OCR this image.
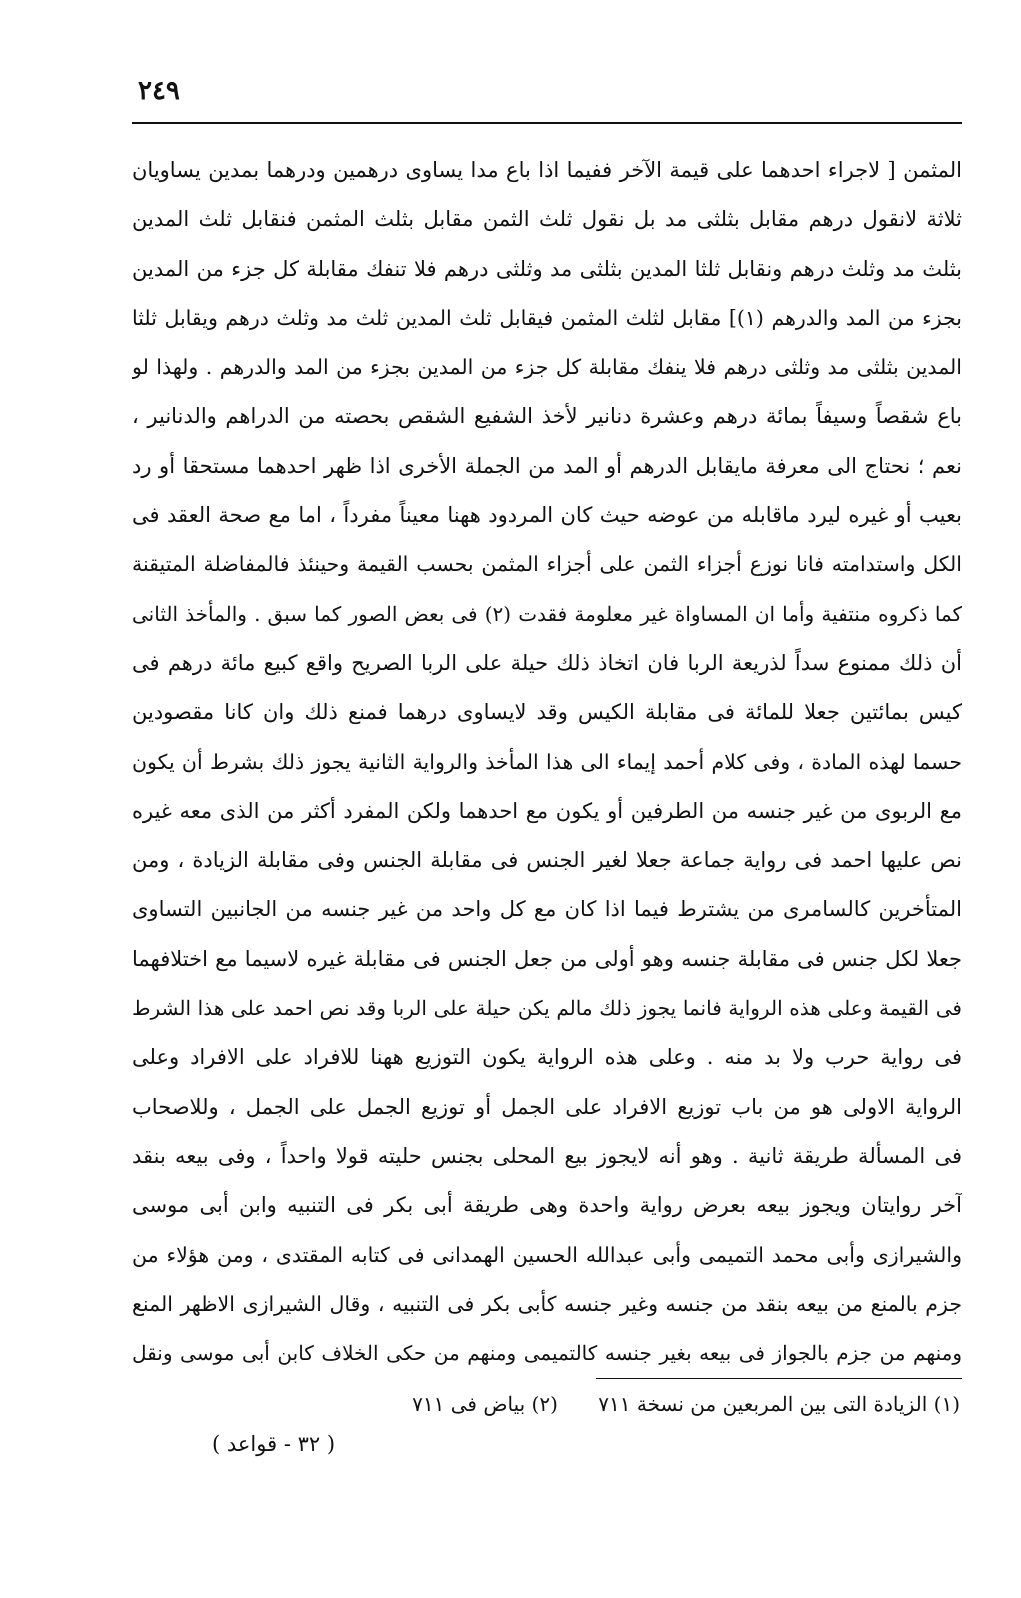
٢٤٩
المثمن [ لاجراء احدهما على قيمة الآخر ففيما اذا باع مدا يساوى درهمين ودرهما بمدين يساويان
ثلاثة لانقول درهم مقابل بثلثى مد بل نقول ثلث الثمن مقابل بثلث المثمن فنقابل ثلث المدين
بثلث مد وثلث درهم ونقابل ثلثا المدين بثلثى مد وثلثى درهم فلا تنفك مقابلة كل جزء من المدين
بجزء من المد والدرهم (١)] مقابل لثلث المثمن فيقابل ثلث المدين ثلث مد وثلث درهم ويقابل ثلثا
المدين بثلثى مد وثلثى درهم فلا ينفك مقابلة كل جزء من المدين بجزء من المد والدرهم . ولهذا لو
باع شقصاً وسيفاً بمائة درهم وعشرة دنانير لأخذ الشفيع الشقص بحصته من الدراهم والدنانير ،
نعم ؛ نحتاج الى معرفة مايقابل الدرهم أو المد من الجملة الأخرى اذا ظهر احدهما مستحقا أو رد
بعيب أو غيره ليرد ماقابله من عوضه حيث كان المردود ههنا معيناً مفرداً ، اما مع صحة العقد فى
الكل واستدامته فانا نوزع أجزاء الثمن على أجزاء المثمن بحسب القيمة وحينئذ فالمفاضلة المتيقنة
كما ذكروه منتفية وأما ان المساواة غير معلومة فقدت (٢) فى بعض الصور كما سبق . والمأخذ الثانى
أن ذلك ممنوع سداً لذريعة الربا فان اتخاذ ذلك حيلة على الربا الصريح واقع كبيع مائة درهم فى
كيس بمائتين جعلا للمائة فى مقابلة الكيس وقد لايساوى درهما فمنع ذلك وان كانا مقصودين
حسما لهذه المادة ، وفى كلام أحمد إيماء الى هذا المأخذ والرواية الثانية يجوز ذلك بشرط أن يكون
مع الربوى من غير جنسه من الطرفين أو يكون مع احدهما ولكن المفرد أكثر من الذى معه غيره
نص عليها احمد فى رواية جماعة جعلا لغير الجنس فى مقابلة الجنس وفى مقابلة الزيادة ، ومن
المتأخرين كالسامرى من يشترط فيما اذا كان مع كل واحد من غير جنسه من الجانبين التساوى
جعلا لكل جنس فى مقابلة جنسه وهو أولى من جعل الجنس فى مقابلة غيره لاسيما مع اختلافهما
فى القيمة وعلى هذه الرواية فانما يجوز ذلك مالم يكن حيلة على الربا وقد نص احمد على هذا الشرط
فى رواية حرب ولا بد منه . وعلى هذه الرواية يكون التوزيع ههنا للافراد على الافراد وعلى
الرواية الاولى هو من باب توزيع الافراد على الجمل أو توزيع الجمل على الجمل ، وللاصحاب
فى المسألة طريقة ثانية . وهو أنه لايجوز بيع المحلى بجنس حليته قولا واحداً ، وفى بيعه بنقد
آخر روايتان ويجوز بيعه بعرض رواية واحدة وهى طريقة أبى بكر فى التنبيه وابن أبى موسى
والشيرازى وأبى محمد التميمى وأبى عبدالله الحسين الهمدانى فى كتابه المقتدى ، ومن هؤلاء من
جزم بالمنع من بيعه بنقد من جنسه وغير جنسه كأبى بكر فى التنبيه ، وقال الشيرازى الاظهر المنع
ومنهم من جزم بالجواز فى بيعه بغير جنسه كالتميمى ومنهم من حكى الخلاف كابن أبى موسى ونقل
(١) الزيادة التى بين المربعين من نسخة ٧١١ (٢) بياض فى ٧١١
( ٣٢ - قواعد )
